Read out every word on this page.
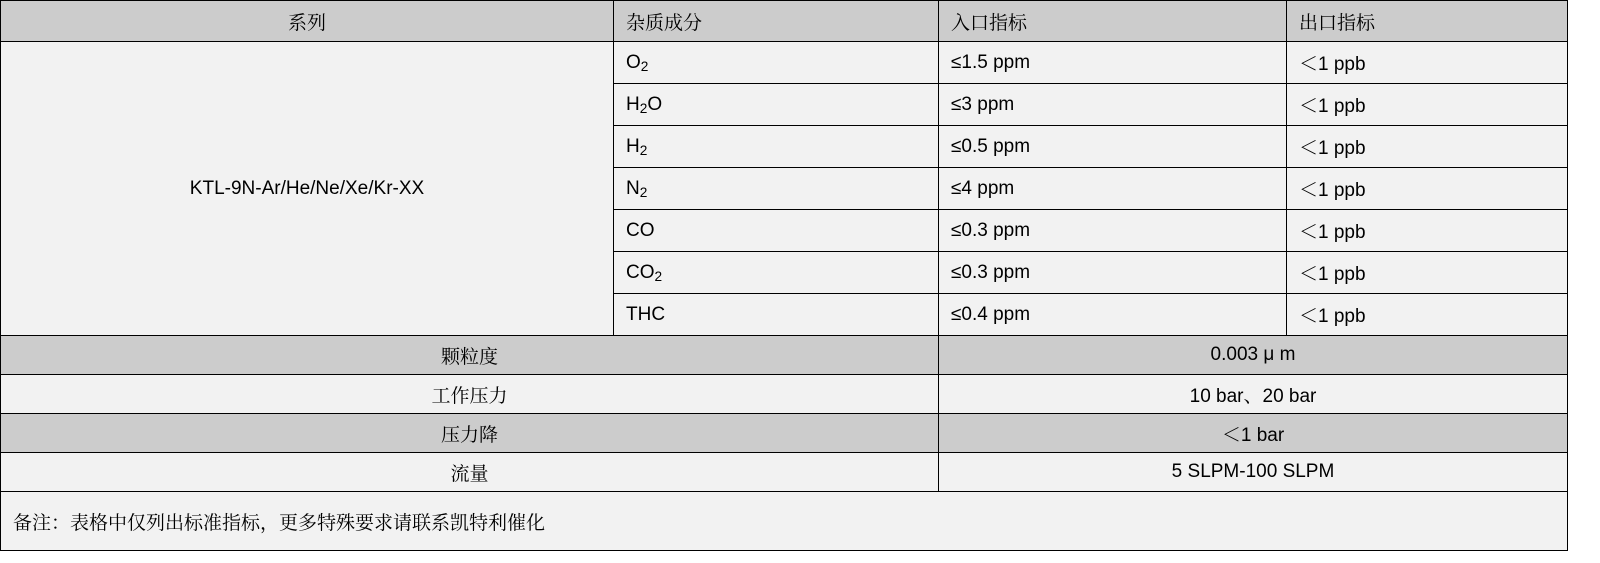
系列	杂质成分	入口指标	出口指标
KTL-9N-Ar/He/Ne/Xe/Kr-XX	$O_2$	≤1.5 ppm	＜1 ppb
	$H_2O$	≤3 ppm	＜1 ppb
	$H_2$	≤0.5 ppm	＜1 ppb
	$N_2$	≤4 ppm	＜1 ppb
	CO	≤0.3 ppm	＜1 ppb
	$CO_2$	≤0.3 ppm	＜1 ppb
	THC	≤0.4 ppm	＜1 ppb
颗粒度		0.003 μ m	
工作压力		10 bar、20 bar	
压力降		＜1 bar	
流量		5 SLPM-100 SLPM	
备注：表格中仅列出标准指标，更多特殊要求请联系凯特利催化			
